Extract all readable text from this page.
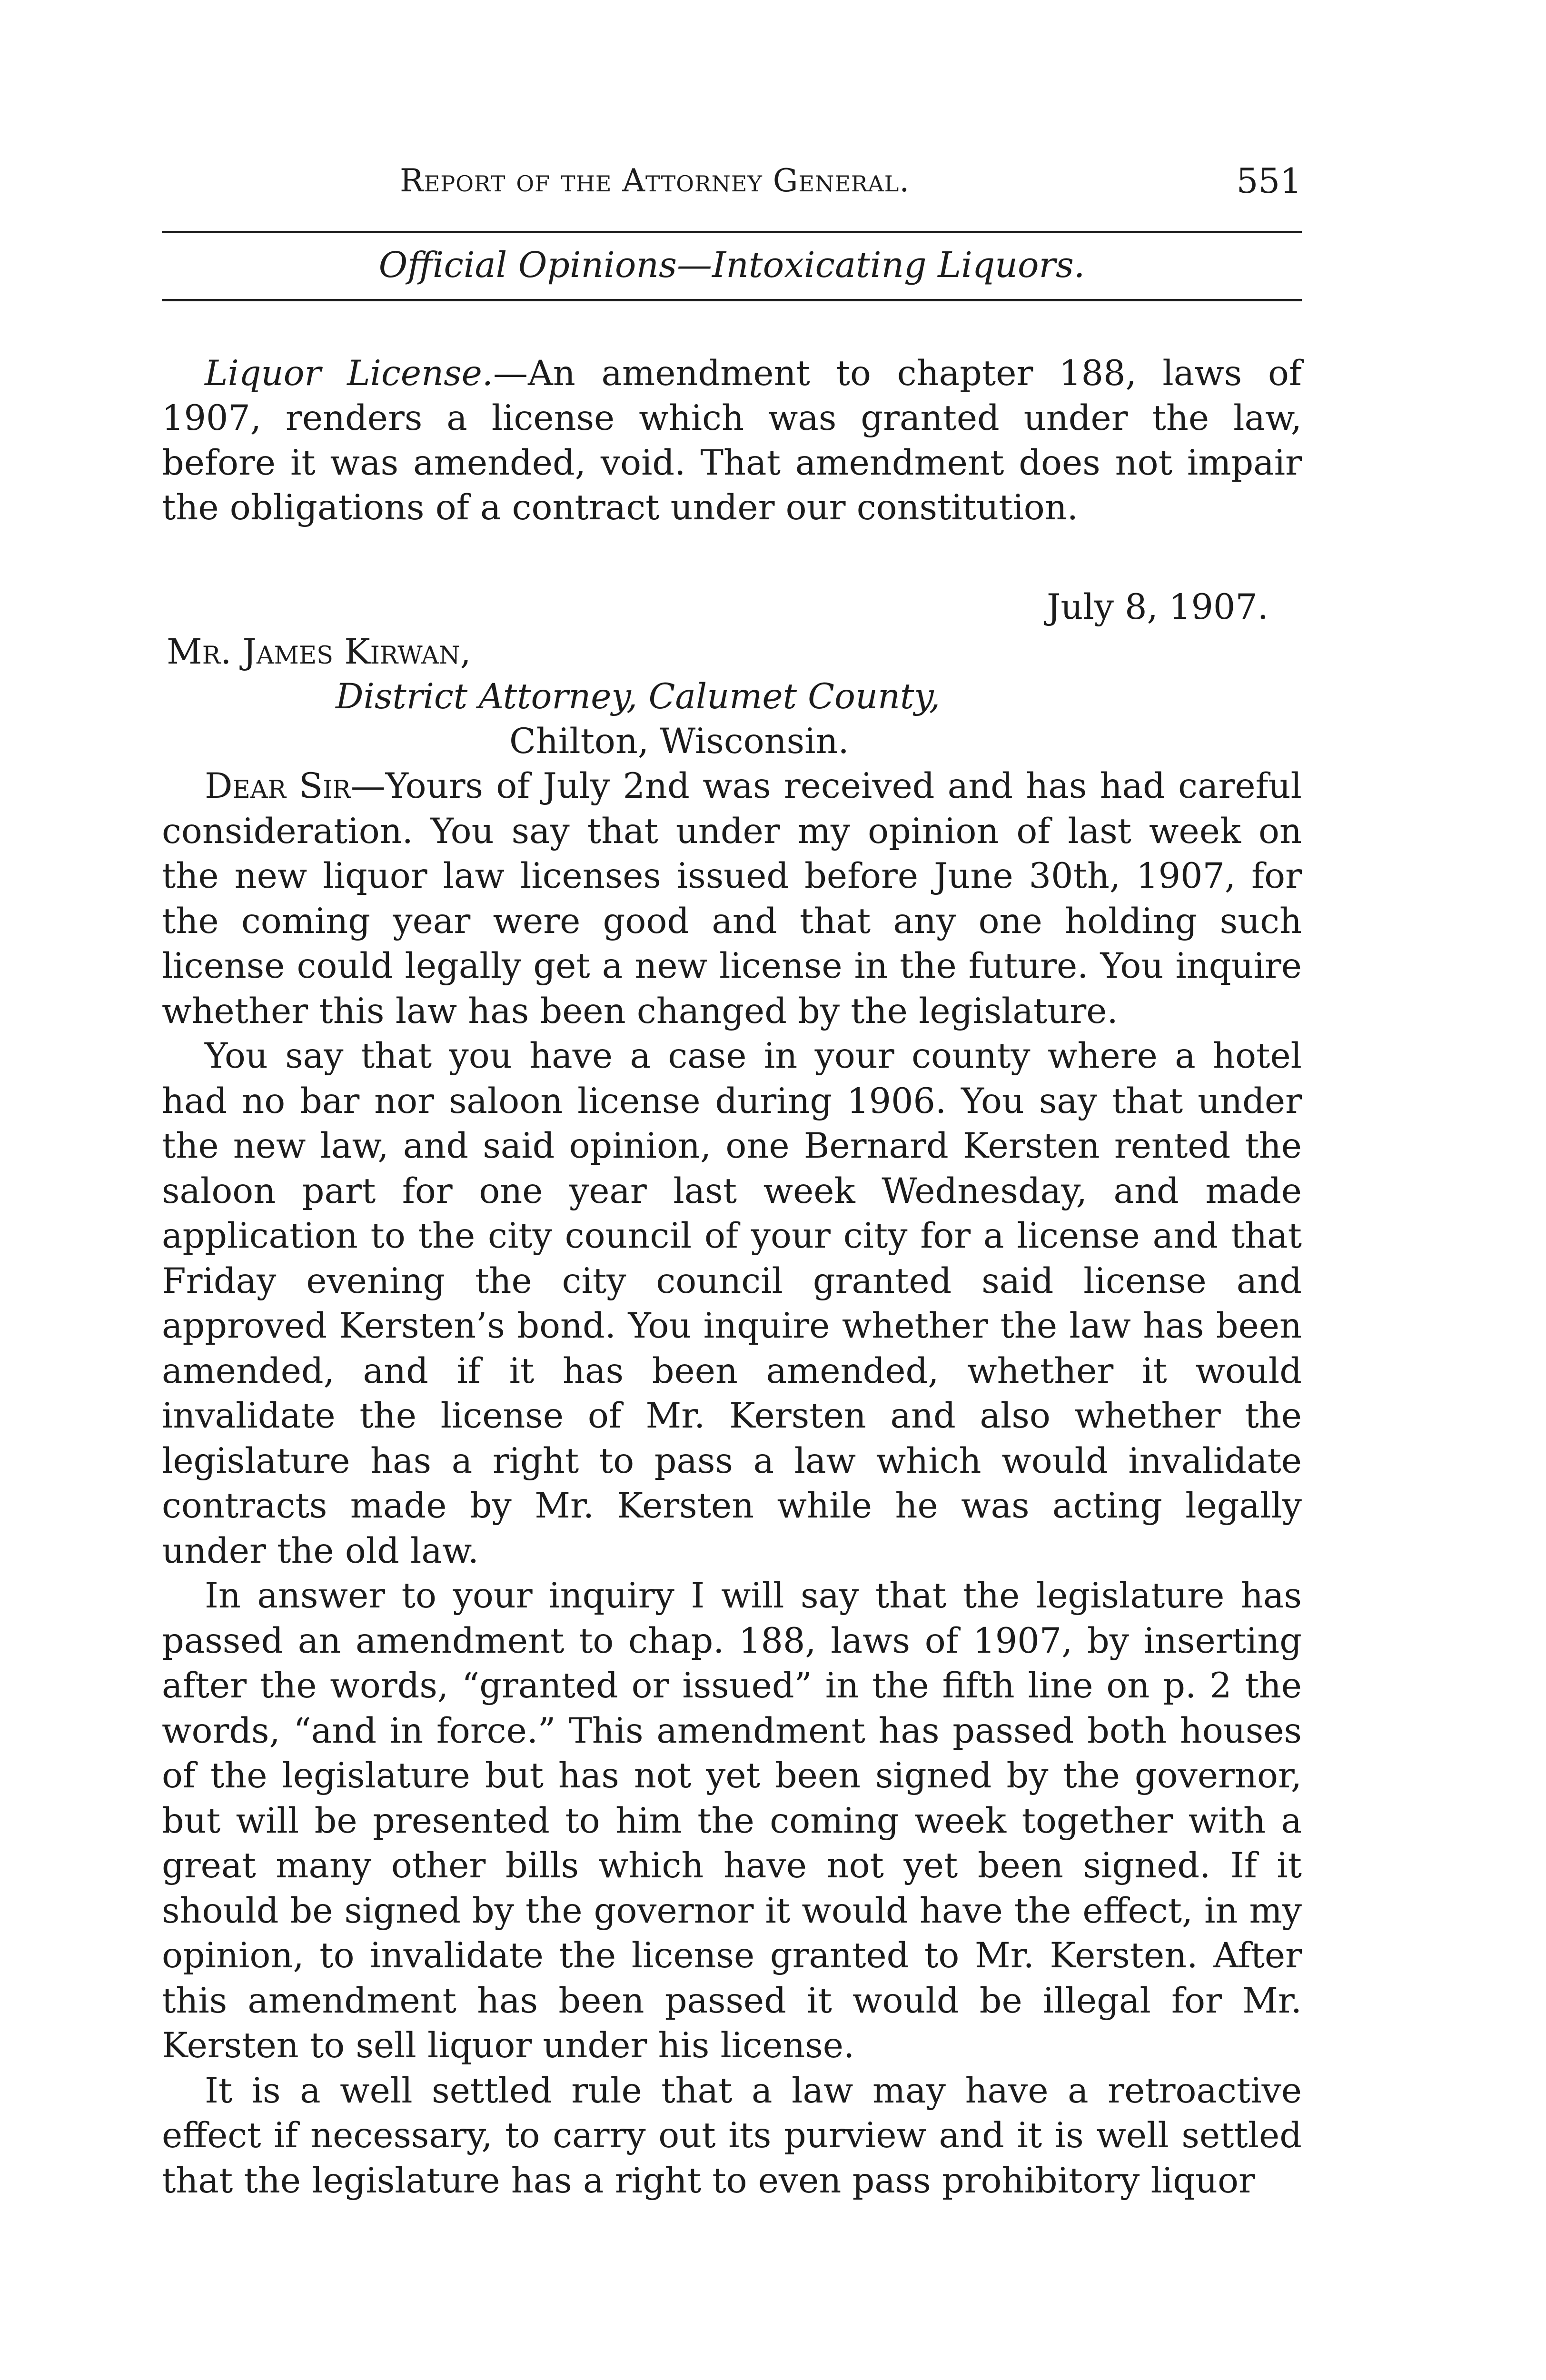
Report of the Attorney General.	551
Official Opinions—Intoxicating Liquors.

Liquor License.—An amendment to chapter 188, laws of 1907, renders a license which was granted under the law, before it was amended, void. That amendment does not impair the obligations of a contract under our constitution.

July 8, 1907.
Mr. James Kirwan,
District Attorney, Calumet County,
Chilton, Wisconsin.

Dear Sir—Yours of July 2nd was received and has had careful consideration. You say that under my opinion of last week on the new liquor law licenses issued before June 30th, 1907, for the coming year were good and that any one holding such license could legally get a new license in the future. You inquire whether this law has been changed by the legislature.

You say that you have a case in your county where a hotel had no bar nor saloon license during 1906. You say that under the new law, and said opinion, one Bernard Kersten rented the saloon part for one year last week Wednesday, and made application to the city council of your city for a license and that Friday evening the city council granted said license and approved Kersten’s bond. You inquire whether the law has been amended, and if it has been amended, whether it would invalidate the license of Mr. Kersten and also whether the legislature has a right to pass a law which would invalidate contracts made by Mr. Kersten while he was acting legally under the old law.

In answer to your inquiry I will say that the legislature has passed an amendment to chap. 188, laws of 1907, by inserting after the words, “granted or issued” in the fifth line on p. 2 the words, “and in force.” This amendment has passed both houses of the legislature but has not yet been signed by the governor, but will be presented to him the coming week together with a great many other bills which have not yet been signed. If it should be signed by the governor it would have the effect, in my opinion, to invalidate the license granted to Mr. Kersten. After this amendment has been passed it would be illegal for Mr. Kersten to sell liquor under his license.

It is a well settled rule that a law may have a retroactive effect if necessary, to carry out its purview and it is well settled that the legislature has a right to even pass prohibitory liquor
